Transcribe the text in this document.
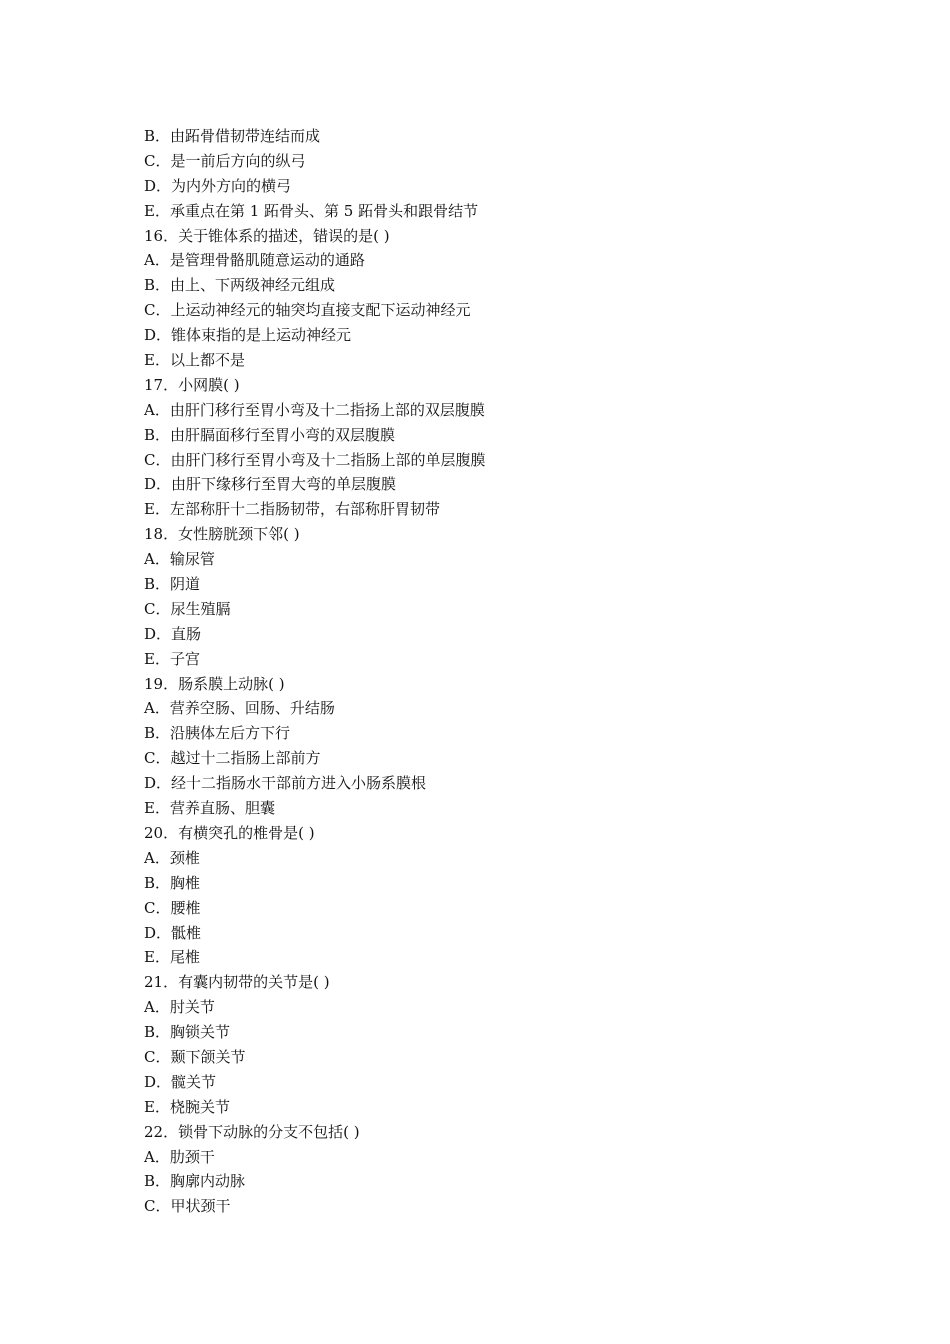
B．由跖骨借韧带连结而成
C．是一前后方向的纵弓
D．为内外方向的横弓
E．承重点在第 1 跖骨头、第 5 跖骨头和跟骨结节
16．关于锥体系的描述，错误的是( )
A．是管理骨骼肌随意运动的通路
B．由上、下两级神经元组成
C．上运动神经元的轴突均直接支配下运动神经元
D．锥体束指的是上运动神经元
E．以上都不是
17．小网膜( )
A．由肝门移行至胃小弯及十二指扬上部的双层腹膜
B．由肝膈面移行至胃小弯的双层腹膜
C．由肝门移行至胃小弯及十二指肠上部的单层腹膜
D．由肝下缘移行至胃大弯的单层腹膜
E．左部称肝十二指肠韧带，右部称肝胃韧带
18．女性膀胱颈下邻( )
A．输尿管
B．阴道
C．尿生殖膈
D．直肠
E．子宫
19．肠系膜上动脉( )
A．营养空肠、回肠、升结肠
B．沿胰体左后方下行
C．越过十二指肠上部前方
D．经十二指肠水干部前方进入小肠系膜根
E．营养直肠、胆囊
20．有横突孔的椎骨是( )
A．颈椎
B．胸椎
C．腰椎
D．骶椎
E．尾椎
21．有囊内韧带的关节是( )
A．肘关节
B．胸锁关节
C．颞下颌关节
D．髋关节
E．桡腕关节
22．锁骨下动脉的分支不包括( )
A．肋颈干
B．胸廓内动脉
C．甲状颈干
